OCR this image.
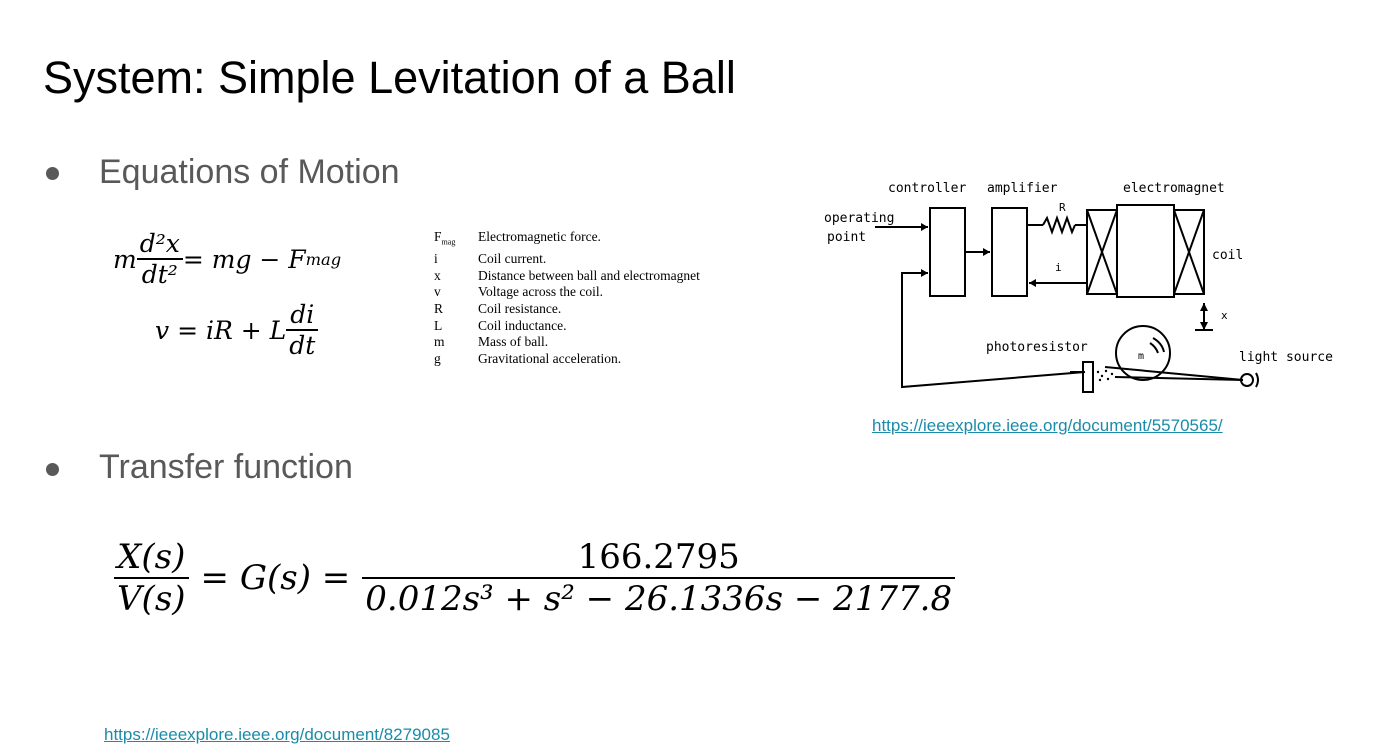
System: Simple Levitation of a Ball
Equations of Motion
m $\frac{\text{d²x}}{\text{dt²}}$ = mg − F mag
v = iR + L $\frac{di}{dt}$
$F_{mag}$	Electromagnetic force.
i	Coil current.
x	Distance between ball and electromagnet
v	Voltage across the coil.
R	Coil resistance.
L	Coil inductance.
m	Mass of ball.
g	Gravitational acceleration.
controller amplifier	electromagnet
operating
point
R
i
coil
x
photoresistor
m	light source
https://ieeexplore.ieee.org/document/5570565/
Transfer function
$\frac{X(s)}{V(s)} = G(s) = \frac{166.2795}{\text{0.012s³ + s² − 26.1336s − 2177.8}}$
https://ieeexplore.ieee.org/document/8279085
